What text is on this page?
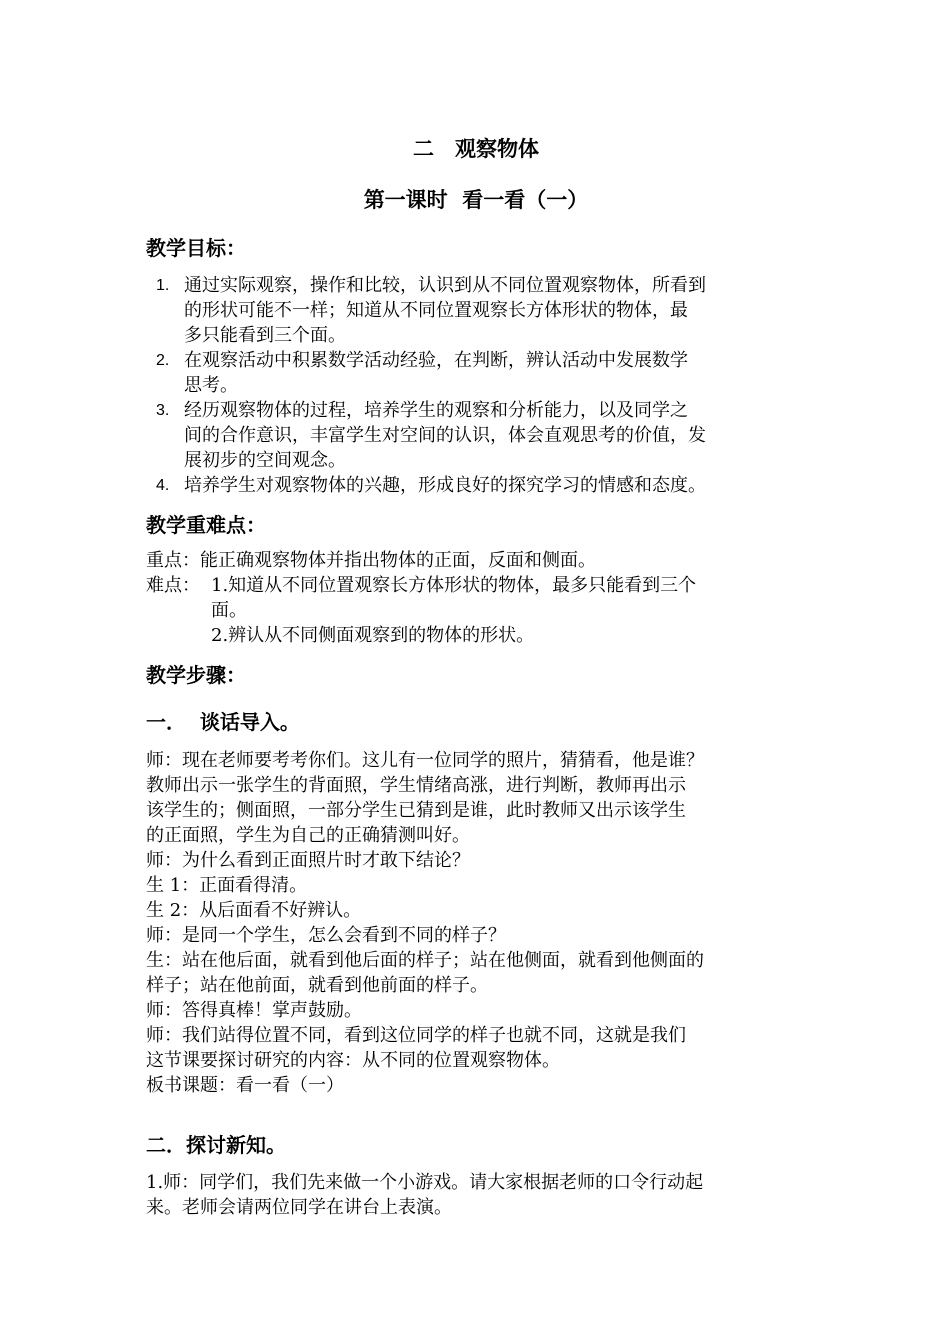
二　观察物体
第一课时  看一看（一）
教学目标：
1. 通过实际观察，操作和比较，认识到从不同位置观察物体，所看到
的形状可能不一样；知道从不同位置观察长方体形状的物体，最
多只能看到三个面。
2. 在观察活动中积累数学活动经验，在判断，辨认活动中发展数学
思考。
3. 经历观察物体的过程，培养学生的观察和分析能力，以及同学之
间的合作意识，丰富学生对空间的认识，体会直观思考的价值，发
展初步的空间观念。
4. 培养学生对观察物体的兴趣，形成良好的探究学习的情感和态度。
教学重难点：
重点：能正确观察物体并指出物体的正面，反面和侧面。
难点： 1.知道从不同位置观察长方体形状的物体，最多只能看到三个
面。
2.辨认从不同侧面观察到的物体的形状。
教学步骤：
一．  谈话导入。
师：现在老师要考考你们。这儿有一位同学的照片，猜猜看，他是谁？
教师出示一张学生的背面照，学生情绪高涨，进行判断，教师再出示
该学生的；侧面照，一部分学生已猜到是谁，此时教师又出示该学生
的正面照，学生为自己的正确猜测叫好。
师：为什么看到正面照片时才敢下结论？
生 1：正面看得清。
生 2：从后面看不好辨认。
师：是同一个学生，怎么会看到不同的样子？
生：站在他后面，就看到他后面的样子；站在他侧面，就看到他侧面的
样子；站在他前面，就看到他前面的样子。
师：答得真棒！掌声鼓励。
师：我们站得位置不同，看到这位同学的样子也就不同，这就是我们
这节课要探讨研究的内容：从不同的位置观察物体。
板书课题：看一看（一）
二．探讨新知。
1.师：同学们，我们先来做一个小游戏。请大家根据老师的口令行动起
来。老师会请两位同学在讲台上表演。
